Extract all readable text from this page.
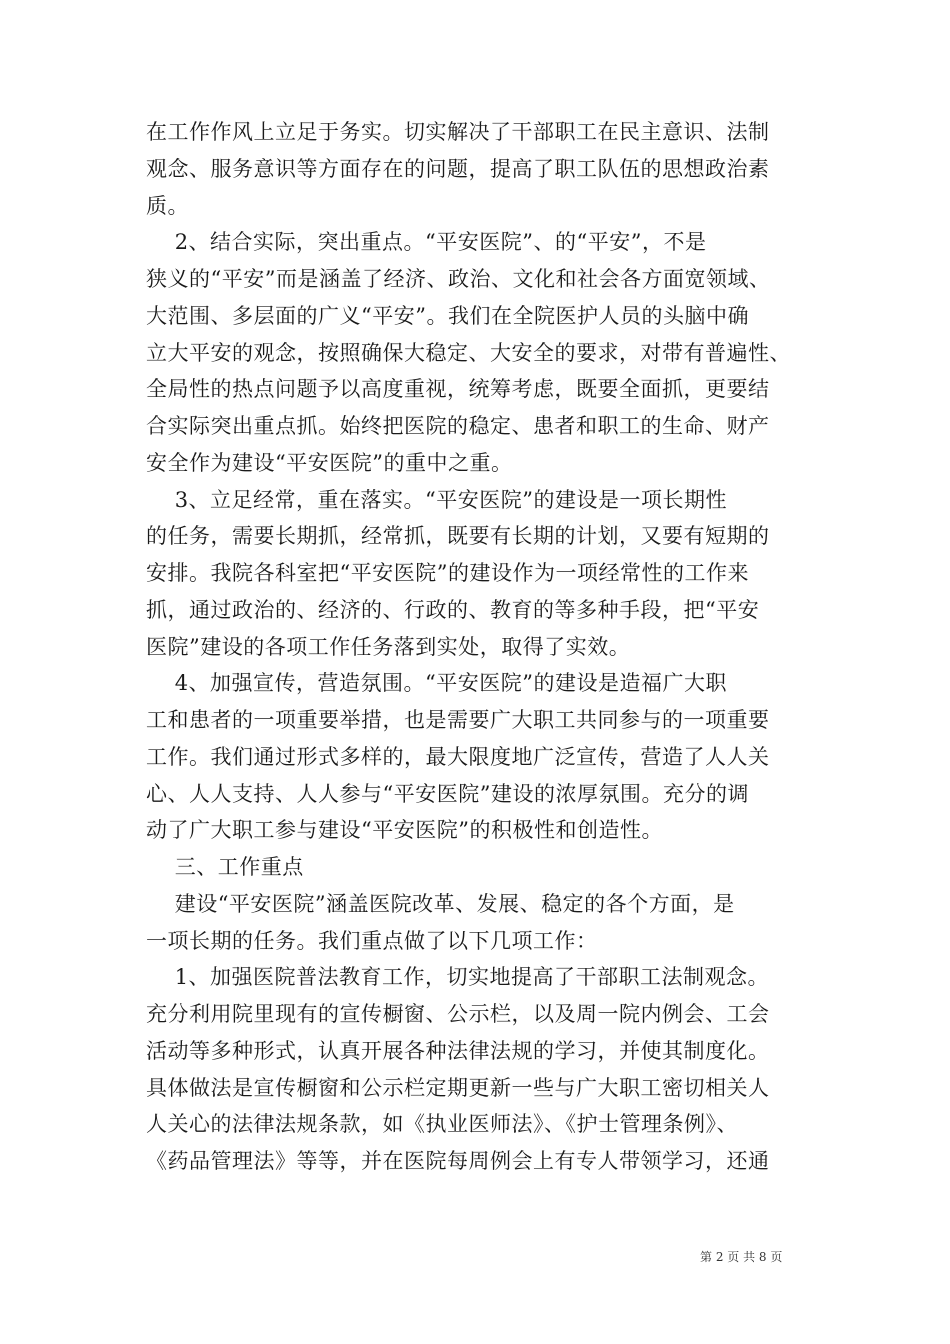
在工作作风上立足于务实。切实解决了干部职工在民主意识、法制
观念、服务意识等方面存在的问题，提高了职工队伍的思想政治素
质。
2、结合实际，突出重点。“平安医院”、的“平安”，不是
狭义的“平安”而是涵盖了经济、政治、文化和社会各方面宽领域、
大范围、多层面的广义“平安”。我们在全院医护人员的头脑中确
立大平安的观念，按照确保大稳定、大安全的要求，对带有普遍性、
全局性的热点问题予以高度重视，统筹考虑，既要全面抓，更要结
合实际突出重点抓。始终把医院的稳定、患者和职工的生命、财产
安全作为建设“平安医院”的重中之重。
3、立足经常，重在落实。“平安医院”的建设是一项长期性
的任务，需要长期抓，经常抓，既要有长期的计划，又要有短期的
安排。我院各科室把“平安医院”的建设作为一项经常性的工作来
抓，通过政治的、经济的、行政的、教育的等多种手段，把“平安
医院”建设的各项工作任务落到实处，取得了实效。
4、加强宣传，营造氛围。“平安医院”的建设是造福广大职
工和患者的一项重要举措，也是需要广大职工共同参与的一项重要
工作。我们通过形式多样的，最大限度地广泛宣传，营造了人人关
心、人人支持、人人参与“平安医院”建设的浓厚氛围。充分的调
动了广大职工参与建设“平安医院”的积极性和创造性。
三、工作重点
建设“平安医院”涵盖医院改革、发展、稳定的各个方面，是
一项长期的任务。我们重点做了以下几项工作：
1、加强医院普法教育工作，切实地提高了干部职工法制观念。
充分利用院里现有的宣传橱窗、公示栏，以及周一院内例会、工会
活动等多种形式，认真开展各种法律法规的学习，并使其制度化。
具体做法是宣传橱窗和公示栏定期更新一些与广大职工密切相关人
人关心的法律法规条款，如《执业医师法》、《护士管理条例》、
《药品管理法》等等，并在医院每周例会上有专人带领学习，还通
第 2 页 共 8 页
